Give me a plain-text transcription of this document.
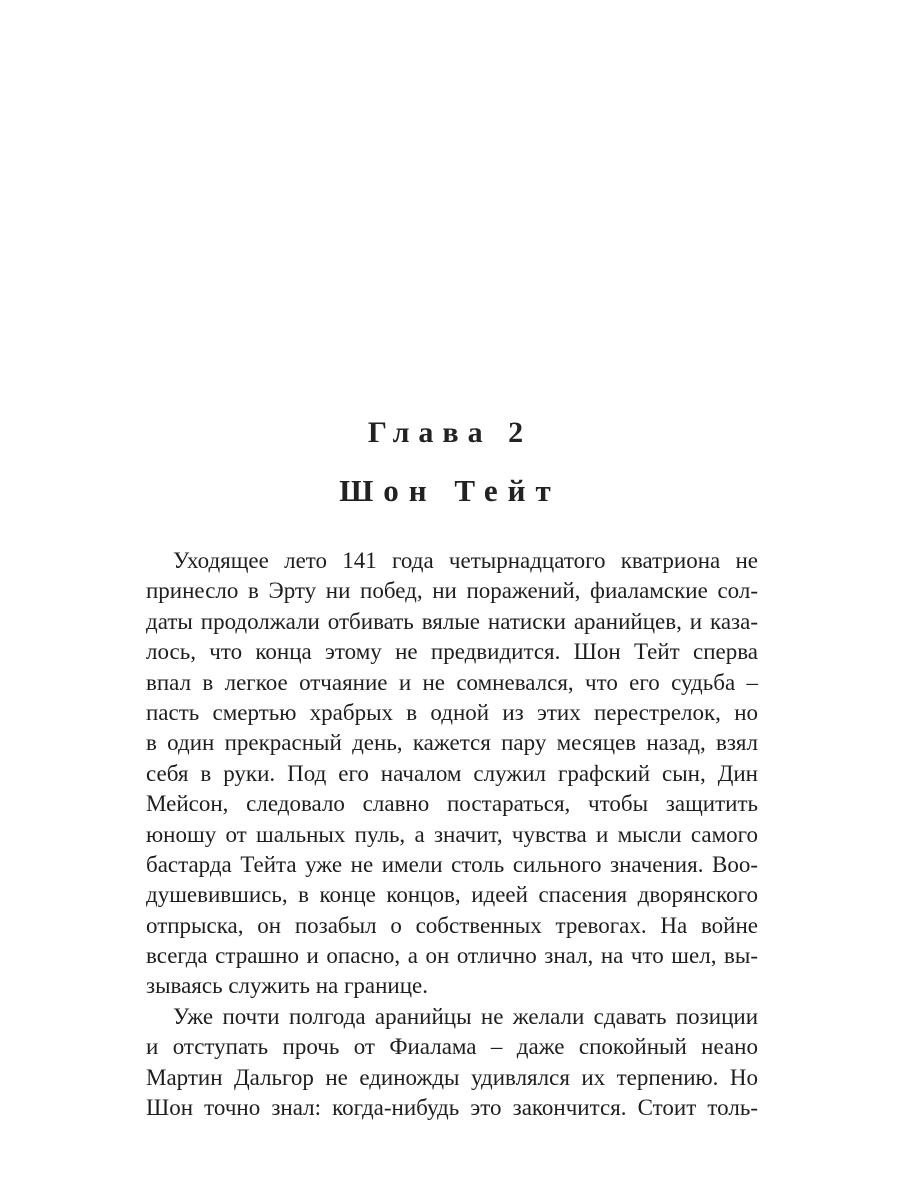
Глава 2
Шон Тейт
Уходящее лето 141 года четырнадцатого кватриона не
принесло в Эрту ни побед, ни поражений, фиаламские сол-
даты продолжали отбивать вялые натиски аранийцев, и каза-
лось, что конца этому не предвидится. Шон Тейт сперва
впал в легкое отчаяние и не сомневался, что его судьба –
пасть смертью храбрых в одной из этих перестрелок, но
в один прекрасный день, кажется пару месяцев назад, взял
себя в руки. Под его началом служил графский сын, Дин
Мейсон, следовало славно постараться, чтобы защитить
юношу от шальных пуль, а значит, чувства и мысли самого
бастарда Тейта уже не имели столь сильного значения. Воо-
душевившись, в конце концов, идеей спасения дворянского
отпрыска, он позабыл о собственных тревогах. На войне
всегда страшно и опасно, а он отлично знал, на что шел, вы-
зываясь служить на границе.
Уже почти полгода аранийцы не желали сдавать позиции
и отступать прочь от Фиалама – даже спокойный неано
Мартин Дальгор не единожды удивлялся их терпению. Но
Шон точно знал: когда-нибудь это закончится. Стоит толь-
